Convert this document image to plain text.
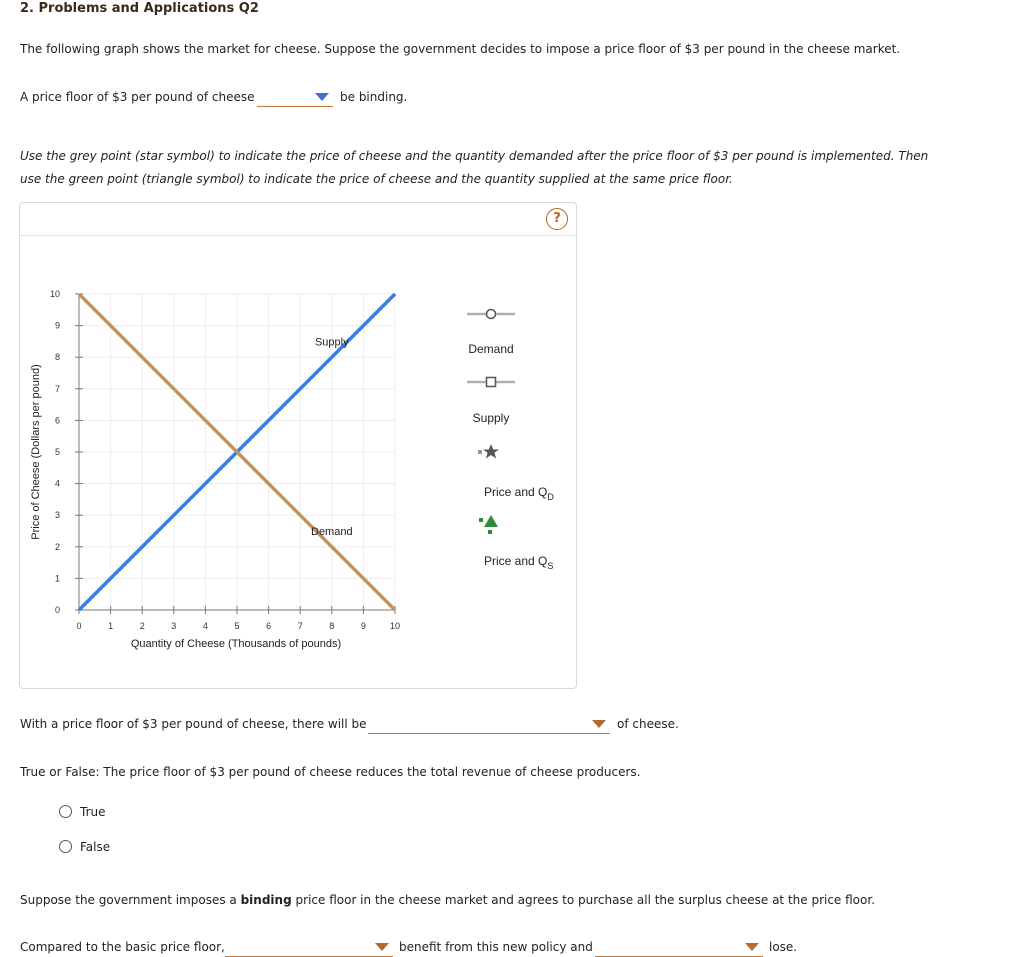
2. Problems and Applications Q2
The following graph shows the market for cheese. Suppose the government decides to impose a price floor of $3 per pound in the cheese market.
A price floor of $3 per pound of cheese	be binding.
Use the grey point (star symbol) to indicate the price of cheese and the quantity demanded after the price floor of $3 per pound is implemented. Then
use the green point (triangle symbol) to indicate the price of cheese and the quantity supplied at the same price floor.
?
0	1	2	3	4	5	6	7	8	9	10
0
1
2
3
4
5
6
7
8
9
10
Supply
Demand
Quantity of Cheese (Thousands of pounds)
Price of Cheese (Dollars per pound)
Demand
Supply
Price and $Q_D$
Price and $Q_S$
With a price floor of $3 per pound of cheese, there will be	of cheese.
True or False: The price floor of $3 per pound of cheese reduces the total revenue of cheese producers.
True
False
Suppose the government imposes a binding price floor in the cheese market and agrees to purchase all the surplus cheese at the price floor.
Compared to the basic price floor,	benefit from this new policy and	lose.
